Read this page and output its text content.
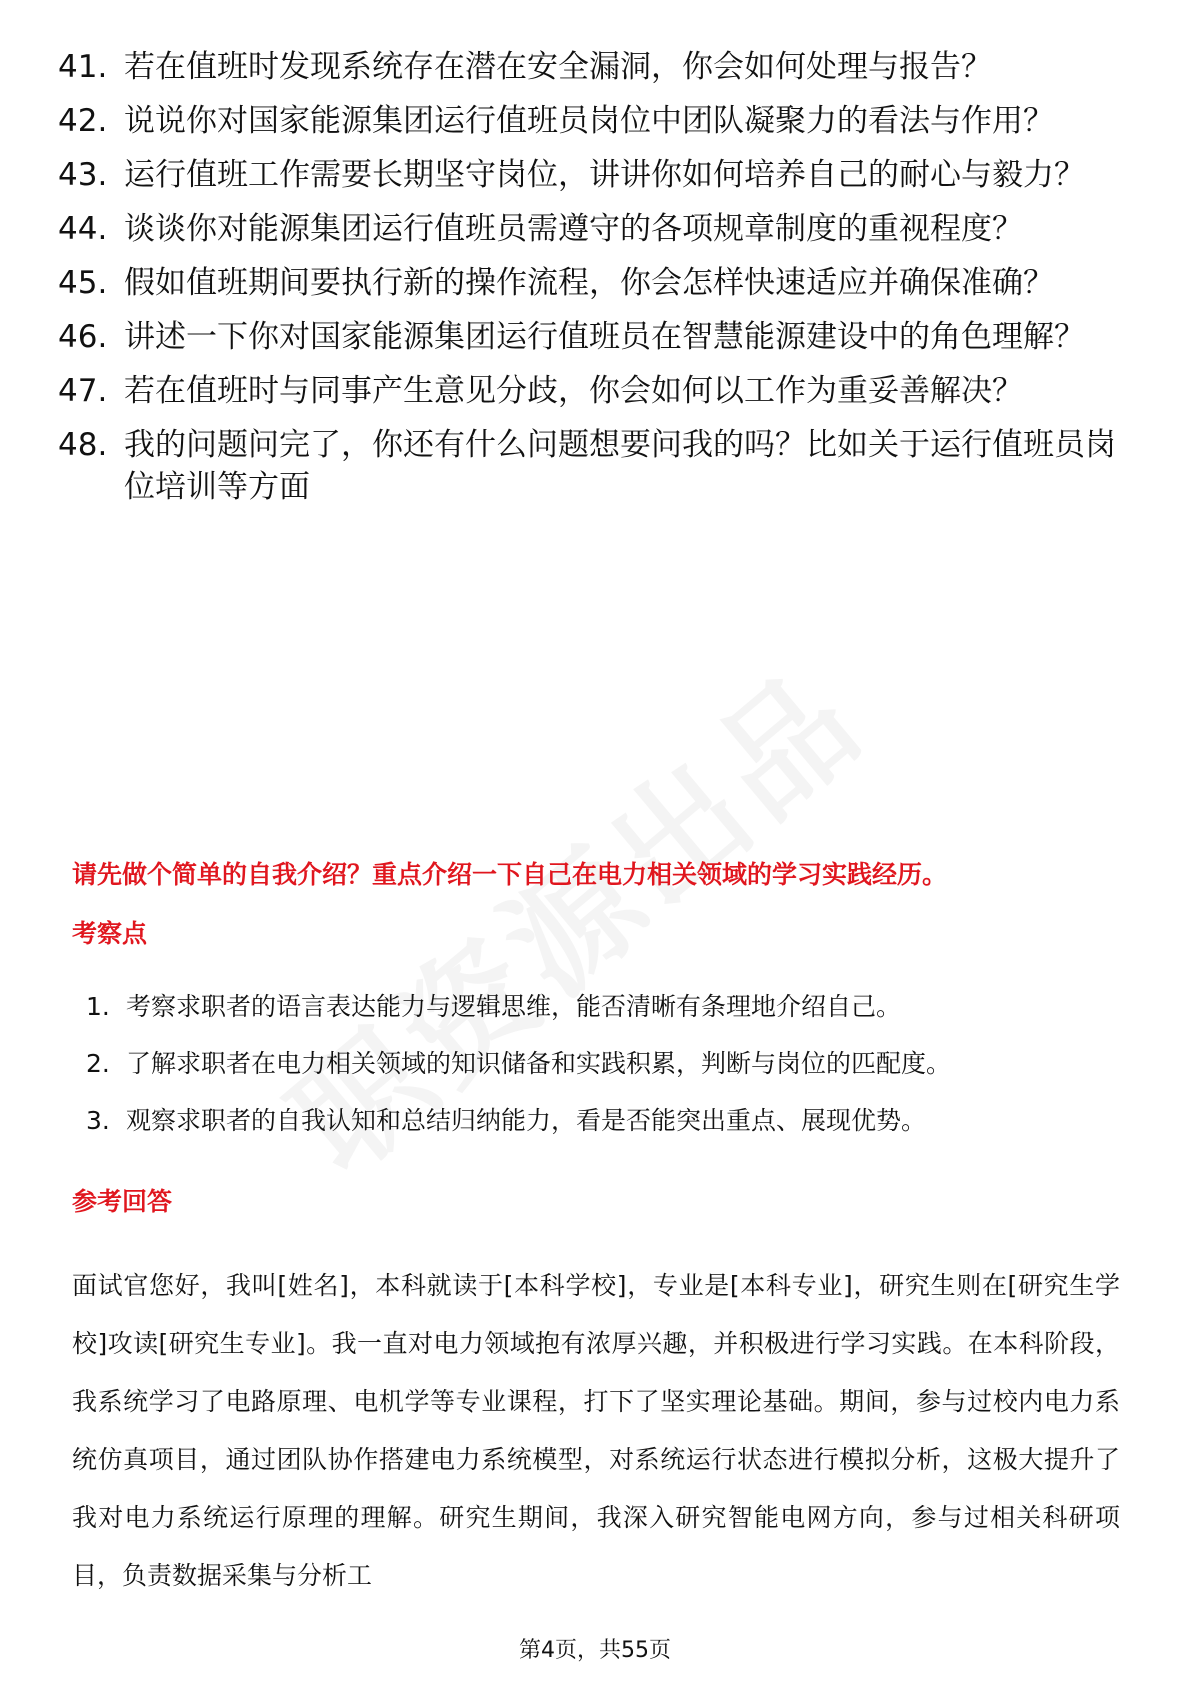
41. 若在值班时发现系统存在潜在安全漏洞，你会如何处理与报告？
42. 说说你对国家能源集团运行值班员岗位中团队凝聚力的看法与作用？
43. 运行值班工作需要长期坚守岗位，讲讲你如何培养自己的耐心与毅力？
44. 谈谈你对能源集团运行值班员需遵守的各项规章制度的重视程度？
45. 假如值班期间要执行新的操作流程，你会怎样快速适应并确保准确？
46. 讲述一下你对国家能源集团运行值班员在智慧能源建设中的角色理解？
47. 若在值班时与同事产生意见分歧，你会如何以工作为重妥善解决？
48. 我的问题问完了，你还有什么问题想要问我的吗？比如关于运行值班员岗位培训等方面
请先做个简单的自我介绍？重点介绍一下自己在电力相关领域的学习实践经历。
考察点
1. 考察求职者的语言表达能力与逻辑思维，能否清晰有条理地介绍自己。
2. 了解求职者在电力相关领域的知识储备和实践积累，判断与岗位的匹配度。
3. 观察求职者的自我认知和总结归纳能力，看是否能突出重点、展现优势。
参考回答

面试官您好，我叫[姓名]，本科就读于[本科学校]，专业是[本科专业]，研究生则在[研究生学校]攻读[研究生专业]。我一直对电力领域抱有浓厚兴趣，并积极进行学习实践。在本科阶段，我系统学习了电路原理、电机学等专业课程，打下了坚实理论基础。期间，参与过校内电力系统仿真项目，通过团队协作搭建电力系统模型，对系统运行状态进行模拟分析，这极大提升了我对电力系统运行原理的理解。研究生期间，我深入研究智能电网方向，参与过相关科研项目，负责数据采集与分析工

第4页，共55页
